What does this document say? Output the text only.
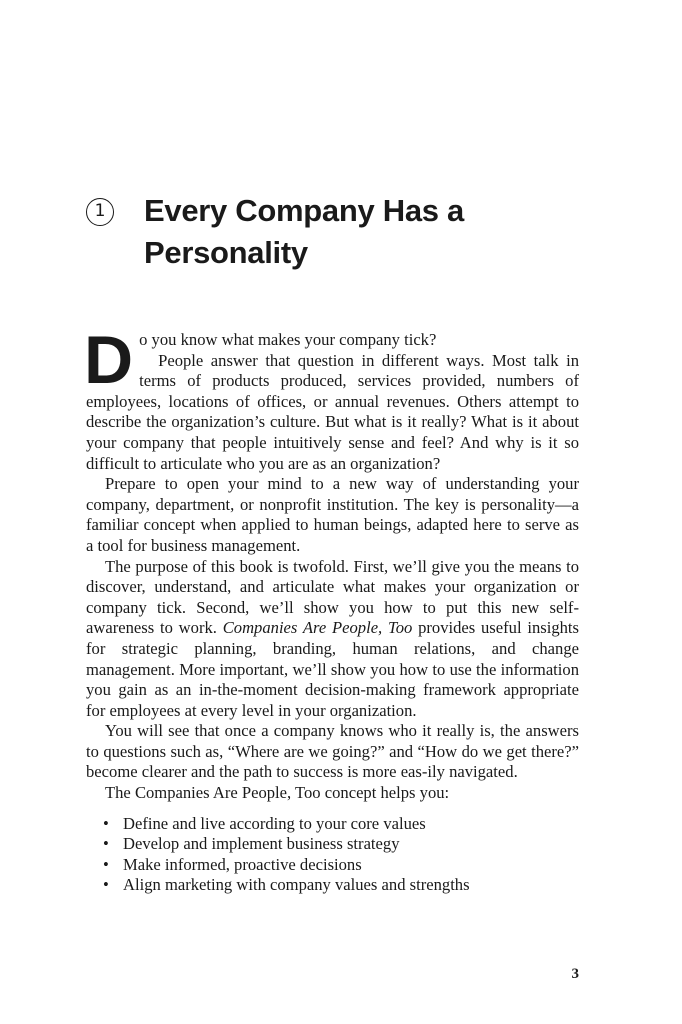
1 Every Company Has a Personality

Do you know what makes your company tick?
People answer that question in different ways. Most talk in terms of products produced, services provided, numbers of employees, locations of offices, or annual revenues. Others attempt to describe the organization’s culture. But what is it really? What is it about your company that people intuitively sense and feel? And why is it so difficult to articulate who you are as an organization?

Prepare to open your mind to a new way of understanding your company, department, or nonprofit institution. The key is personality—a familiar concept when applied to human beings, adapted here to serve as a tool for business management.

The purpose of this book is twofold. First, we’ll give you the means to discover, understand, and articulate what makes your organization or company tick. Second, we’ll show you how to put this new self-awareness to work. Companies Are People, Too provides useful insights for strategic planning, branding, human relations, and change management. More important, we’ll show you how to use the information you gain as an in-the-moment decision-making framework appropriate for employees at every level in your organization.

You will see that once a company knows who it really is, the answers to questions such as, “Where are we going?” and “How do we get there?” become clearer and the path to success is more eas-ily navigated.

The Companies Are People, Too concept helps you:

• Define and live according to your core values
• Develop and implement business strategy
• Make informed, proactive decisions
• Align marketing with company values and strengths
3
